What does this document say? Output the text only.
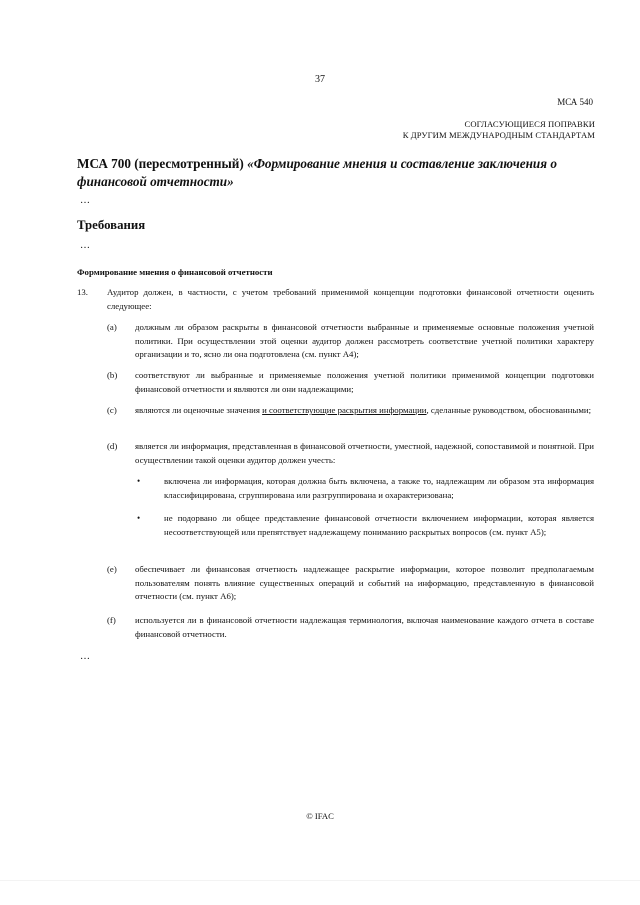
37
МСА 540
СОГЛАСУЮЩИЕСЯ ПОПРАВКИ
К ДРУГИМ МЕЖДУНАРОДНЫМ СТАНДАРТАМ
МСА 700 (пересмотренный) «Формирование мнения и составление заключения о финансовой отчетности»
…
Требования
…
Формирование мнения о финансовой отчетности
13. Аудитор должен, в частности, с учетом требований применимой концепции подготовки финансовой отчетности оценить следующее:
(a) должным ли образом раскрыты в финансовой отчетности выбранные и применяемые основные положения учетной политики. При осуществлении этой оценки аудитор должен рассмотреть соответствие учетной политики характеру организации и то, ясно ли она подготовлена (см. пункт A4);
(b) соответствуют ли выбранные и применяемые положения учетной политики применимой концепции подготовки финансовой отчетности и являются ли они надлежащими;
(c) являются ли оценочные значения и соответствующие раскрытия информации, сделанные руководством, обоснованными;
(d) является ли информация, представленная в финансовой отчетности, уместной, надежной, сопоставимой и понятной. При осуществлении такой оценки аудитор должен учесть:
•	включена ли информация, которая должна быть включена, а также то, надлежащим ли образом эта информация классифицирована, сгруппирована или разгруппирована и охарактеризована;
•	не подорвано ли общее представление финансовой отчетности включением информации, которая является несоответствующей или препятствует надлежащему пониманию раскрытых вопросов (см. пункт A5);
(e) обеспечивает ли финансовая отчетность надлежащее раскрытие информации, которое позволит предполагаемым пользователям понять влияние существенных операций и событий на информацию, представленную в финансовой отчетности (см. пункт A6);
(f) используется ли в финансовой отчетности надлежащая терминология, включая наименование каждого отчета в составе финансовой отчетности.
…
© IFAC
